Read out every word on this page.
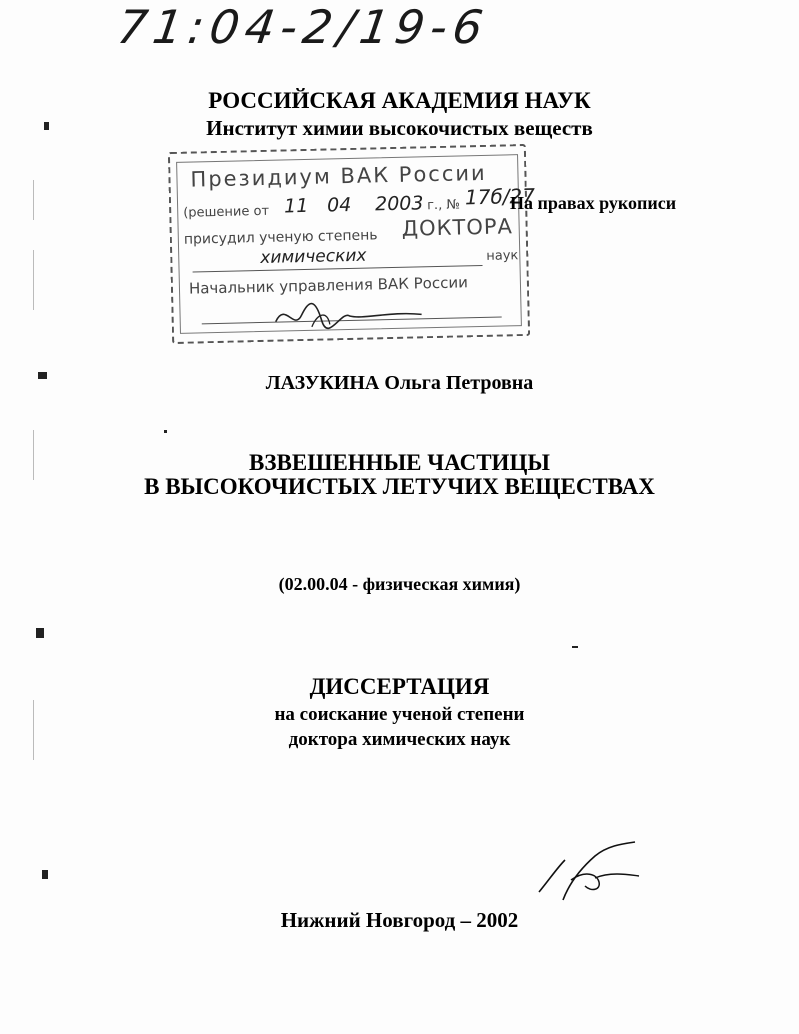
71:04-2/19-6
РОССИЙСКАЯ АКАДЕМИЯ НАУК
Институт химии высокочистых веществ
Президиум ВАК России
(решение от 11 04 2003 г., № 17б/27
присудил ученую степень ДОКТОРА
химических	наук
Начальник управления ВАК России
На правах рукописи
ЛАЗУКИНА Ольга Петровна
ВЗВЕШЕННЫЕ ЧАСТИЦЫ
В ВЫСОКОЧИСТЫХ ЛЕТУЧИХ ВЕЩЕСТВАХ
(02.00.04 - физическая химия)
ДИССЕРТАЦИЯ
на соискание ученой степени
доктора химических наук
Нижний Новгород – 2002
